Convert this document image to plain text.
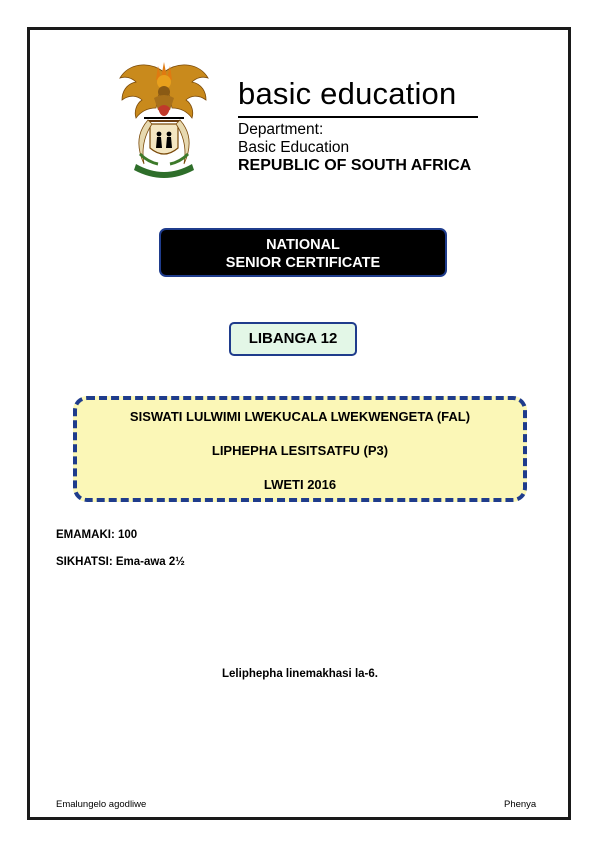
basic education
Department:
Basic Education
REPUBLIC OF SOUTH AFRICA
NATIONAL
SENIOR CERTIFICATE
LIBANGA 12
SISWATI LULWIMI LWEKUCALA LWEKWENGETA (FAL)
LIPHEPHA LESITSATFU (P3)
LWETI 2016
EMAMAKI: 100
SIKHATSI: Ema-awa 2½
Leliphepha linemakhasi la-6.
Emalungelo agodliwe	Phenya
